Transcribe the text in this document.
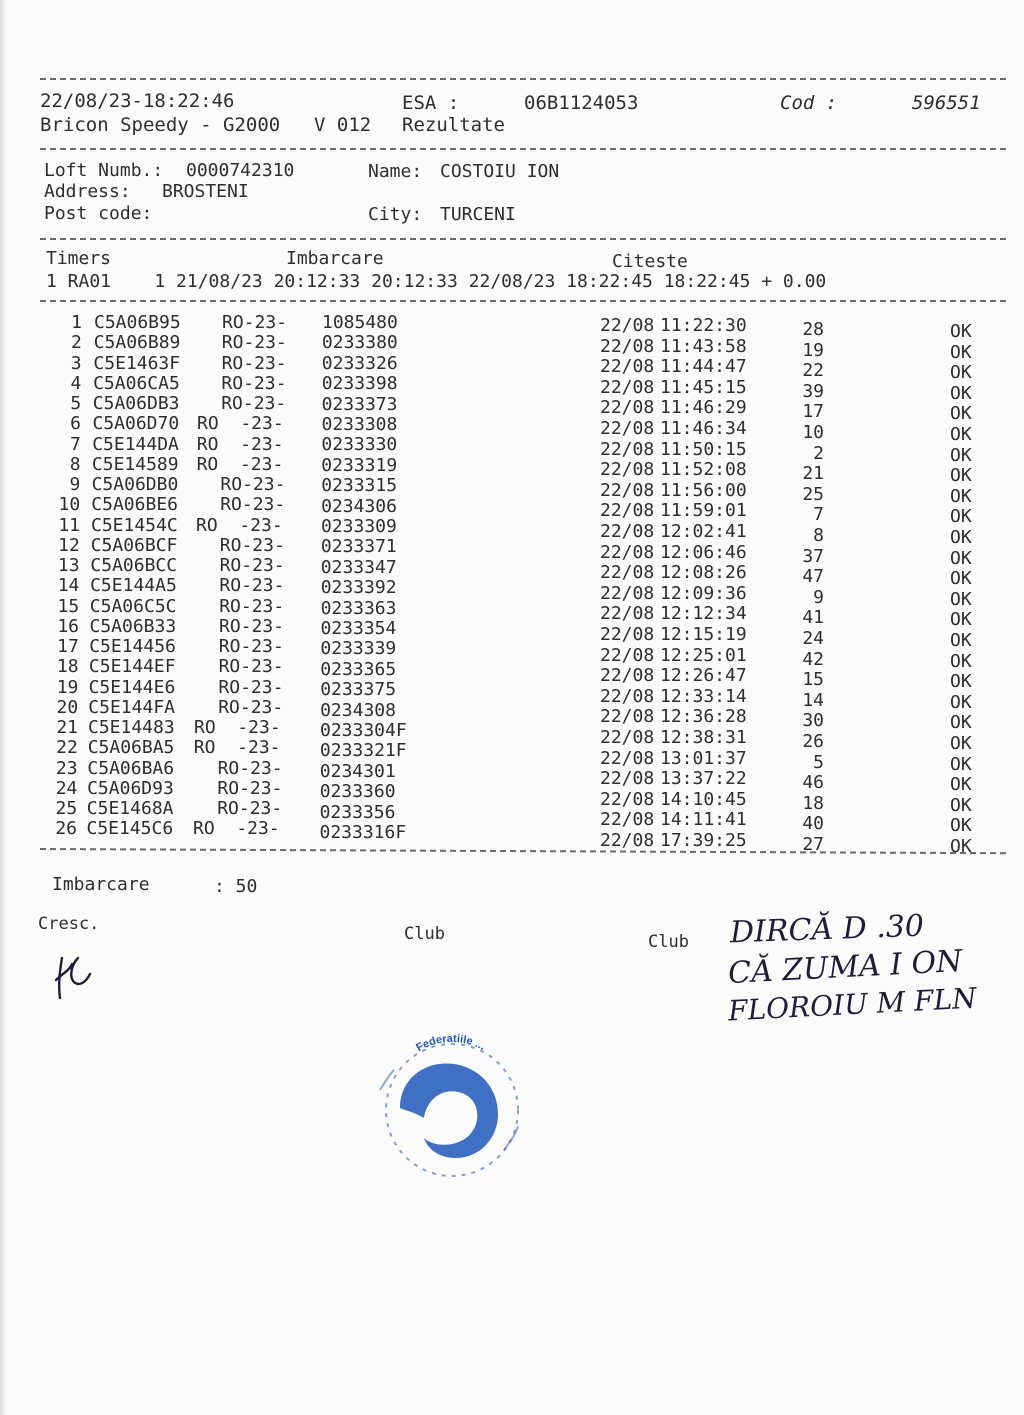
22/08/23-18:22:46	ESA :	06B1124053	Cod :	596551
Bricon Speedy - G2000 V 012 Rezultate
Loft Numb.: 0000742310	Name: COSTOIU ION
Address: BROSTENI
Post code:	City: TURCENI
Timers	Imbarcare	Citeste
1 RA01    1 21/08/23 20:12:33 20:12:33 22/08/23 18:22:45 18:22:45 + 0.00
1 C5A06B95 RO-23- 1085480	22/08 11:22:30	28	OK
2 C5A06B89 RO-23- 0233380	22/08 11:43:58	19	OK
3 C5E1463F RO-23- 0233326	22/08 11:44:47	22	OK
4 C5A06CA5 RO-23- 0233398	22/08 11:45:15	39	OK
5 C5A06DB3 RO-23- 0233373	22/08 11:46:29	17	OK
6 C5A06D70 RO  -23- 0233308	22/08 11:46:34	10	OK
7 C5E144DA RO  -23- 0233330	22/08 11:50:15	2	OK
8 C5E14589 RO  -23- 0233319	22/08 11:52:08	21	OK
9 C5A06DB0 RO-23- 0233315	22/08 11:56:00	25	OK
10 C5A06BE6 RO-23- 0234306	22/08 11:59:01	7	OK
11 C5E1454C RO  -23- 0233309	22/08 12:02:41	8	OK
12 C5A06BCF RO-23- 0233371	22/08 12:06:46	37	OK
13 C5A06BCC RO-23- 0233347	22/08 12:08:26	47	OK
14 C5E144A5 RO-23- 0233392	22/08 12:09:36	9	OK
15 C5A06C5C RO-23- 0233363	22/08 12:12:34	41	OK
16 C5A06B33 RO-23- 0233354	22/08 12:15:19	24	OK
17 C5E14456 RO-23- 0233339	22/08 12:25:01	42	OK
18 C5E144EF RO-23- 0233365	22/08 12:26:47	15	OK
19 C5E144E6 RO-23- 0233375	22/08 12:33:14	14	OK
20 C5E144FA RO-23- 0234308	22/08 12:36:28	30	OK
21 C5E14483 RO  -23- 0233304F	22/08 12:38:31	26	OK
22 C5A06BA5 RO  -23- 0233321F	22/08 13:01:37	5	OK
23 C5A06BA6 RO-23- 0234301	22/08 13:37:22	46	OK
24 C5A06D93 RO-23- 0233360	22/08 14:10:45	18	OK
25 C5E1468A RO-23- 0233356	22/08 14:11:41	40	OK
26 C5E145C6 RO  -23- 0233316F	22/08 17:39:25	27	OK
Imbarcare	: 50
Cresc.	Club	Club DIRCĂ D .30
CĂ ZUMA I ON
FLOROIU M FLN
Federatiile ...
